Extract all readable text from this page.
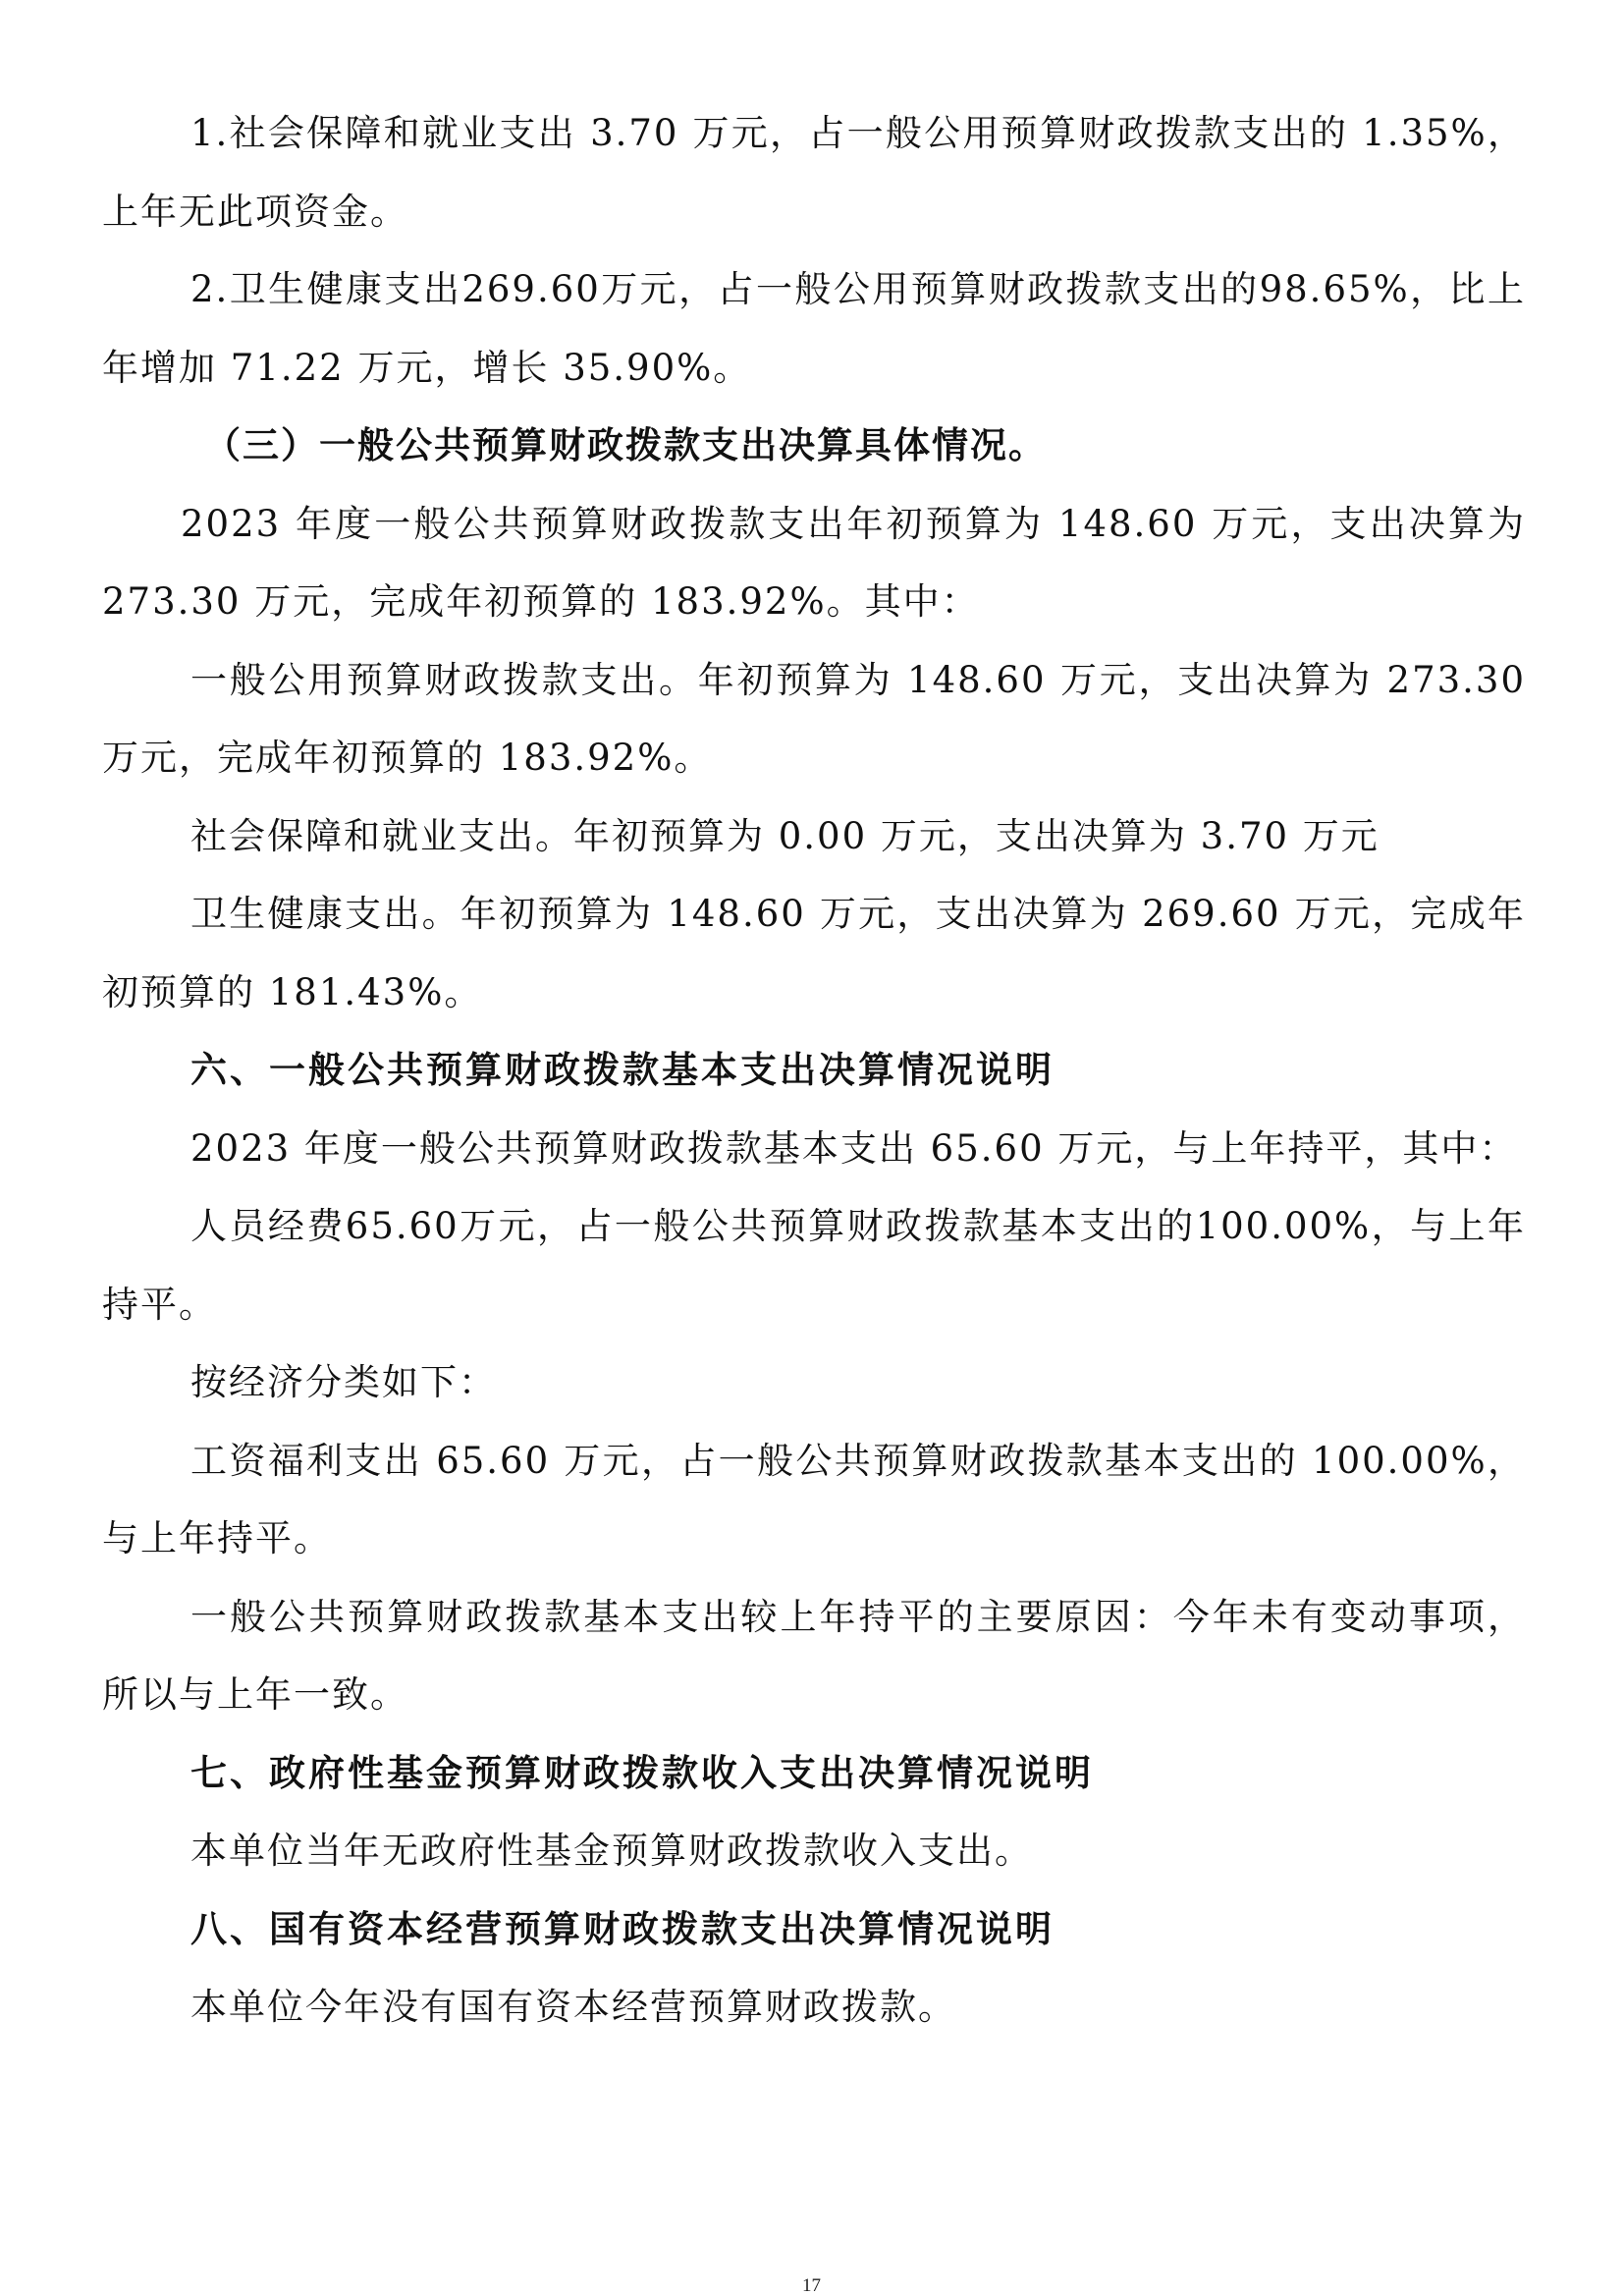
1.社会保障和就业支出 3.70 万元，占一般公用预算财政拨款支出的 1.35%，上年无此项资金。

2.卫生健康支出269.60万元，占一般公用预算财政拨款支出的98.65%，比上年增加 71.22 万元，增长 35.90%。

（三）一般公共预算财政拨款支出决算具体情况。

2023 年度一般公共预算财政拨款支出年初预算为 148.60 万元，支出决算为 273.30 万元，完成年初预算的 183.92%。其中：

一般公用预算财政拨款支出。年初预算为 148.60 万元，支出决算为 273.30 万元，完成年初预算的 183.92%。

社会保障和就业支出。年初预算为 0.00 万元，支出决算为 3.70 万元

卫生健康支出。年初预算为 148.60 万元，支出决算为 269.60 万元，完成年初预算的 181.43%。

六、一般公共预算财政拨款基本支出决算情况说明

2023 年度一般公共预算财政拨款基本支出 65.60 万元，与上年持平，其中：

人员经费65.60万元，占一般公共预算财政拨款基本支出的100.00%，与上年持平。

按经济分类如下：

工资福利支出 65.60 万元，占一般公共预算财政拨款基本支出的 100.00%，与上年持平。

一般公共预算财政拨款基本支出较上年持平的主要原因：今年未有变动事项，所以与上年一致。

七、政府性基金预算财政拨款收入支出决算情况说明

本单位当年无政府性基金预算财政拨款收入支出。

八、国有资本经营预算财政拨款支出决算情况说明

本单位今年没有国有资本经营预算财政拨款。

17
